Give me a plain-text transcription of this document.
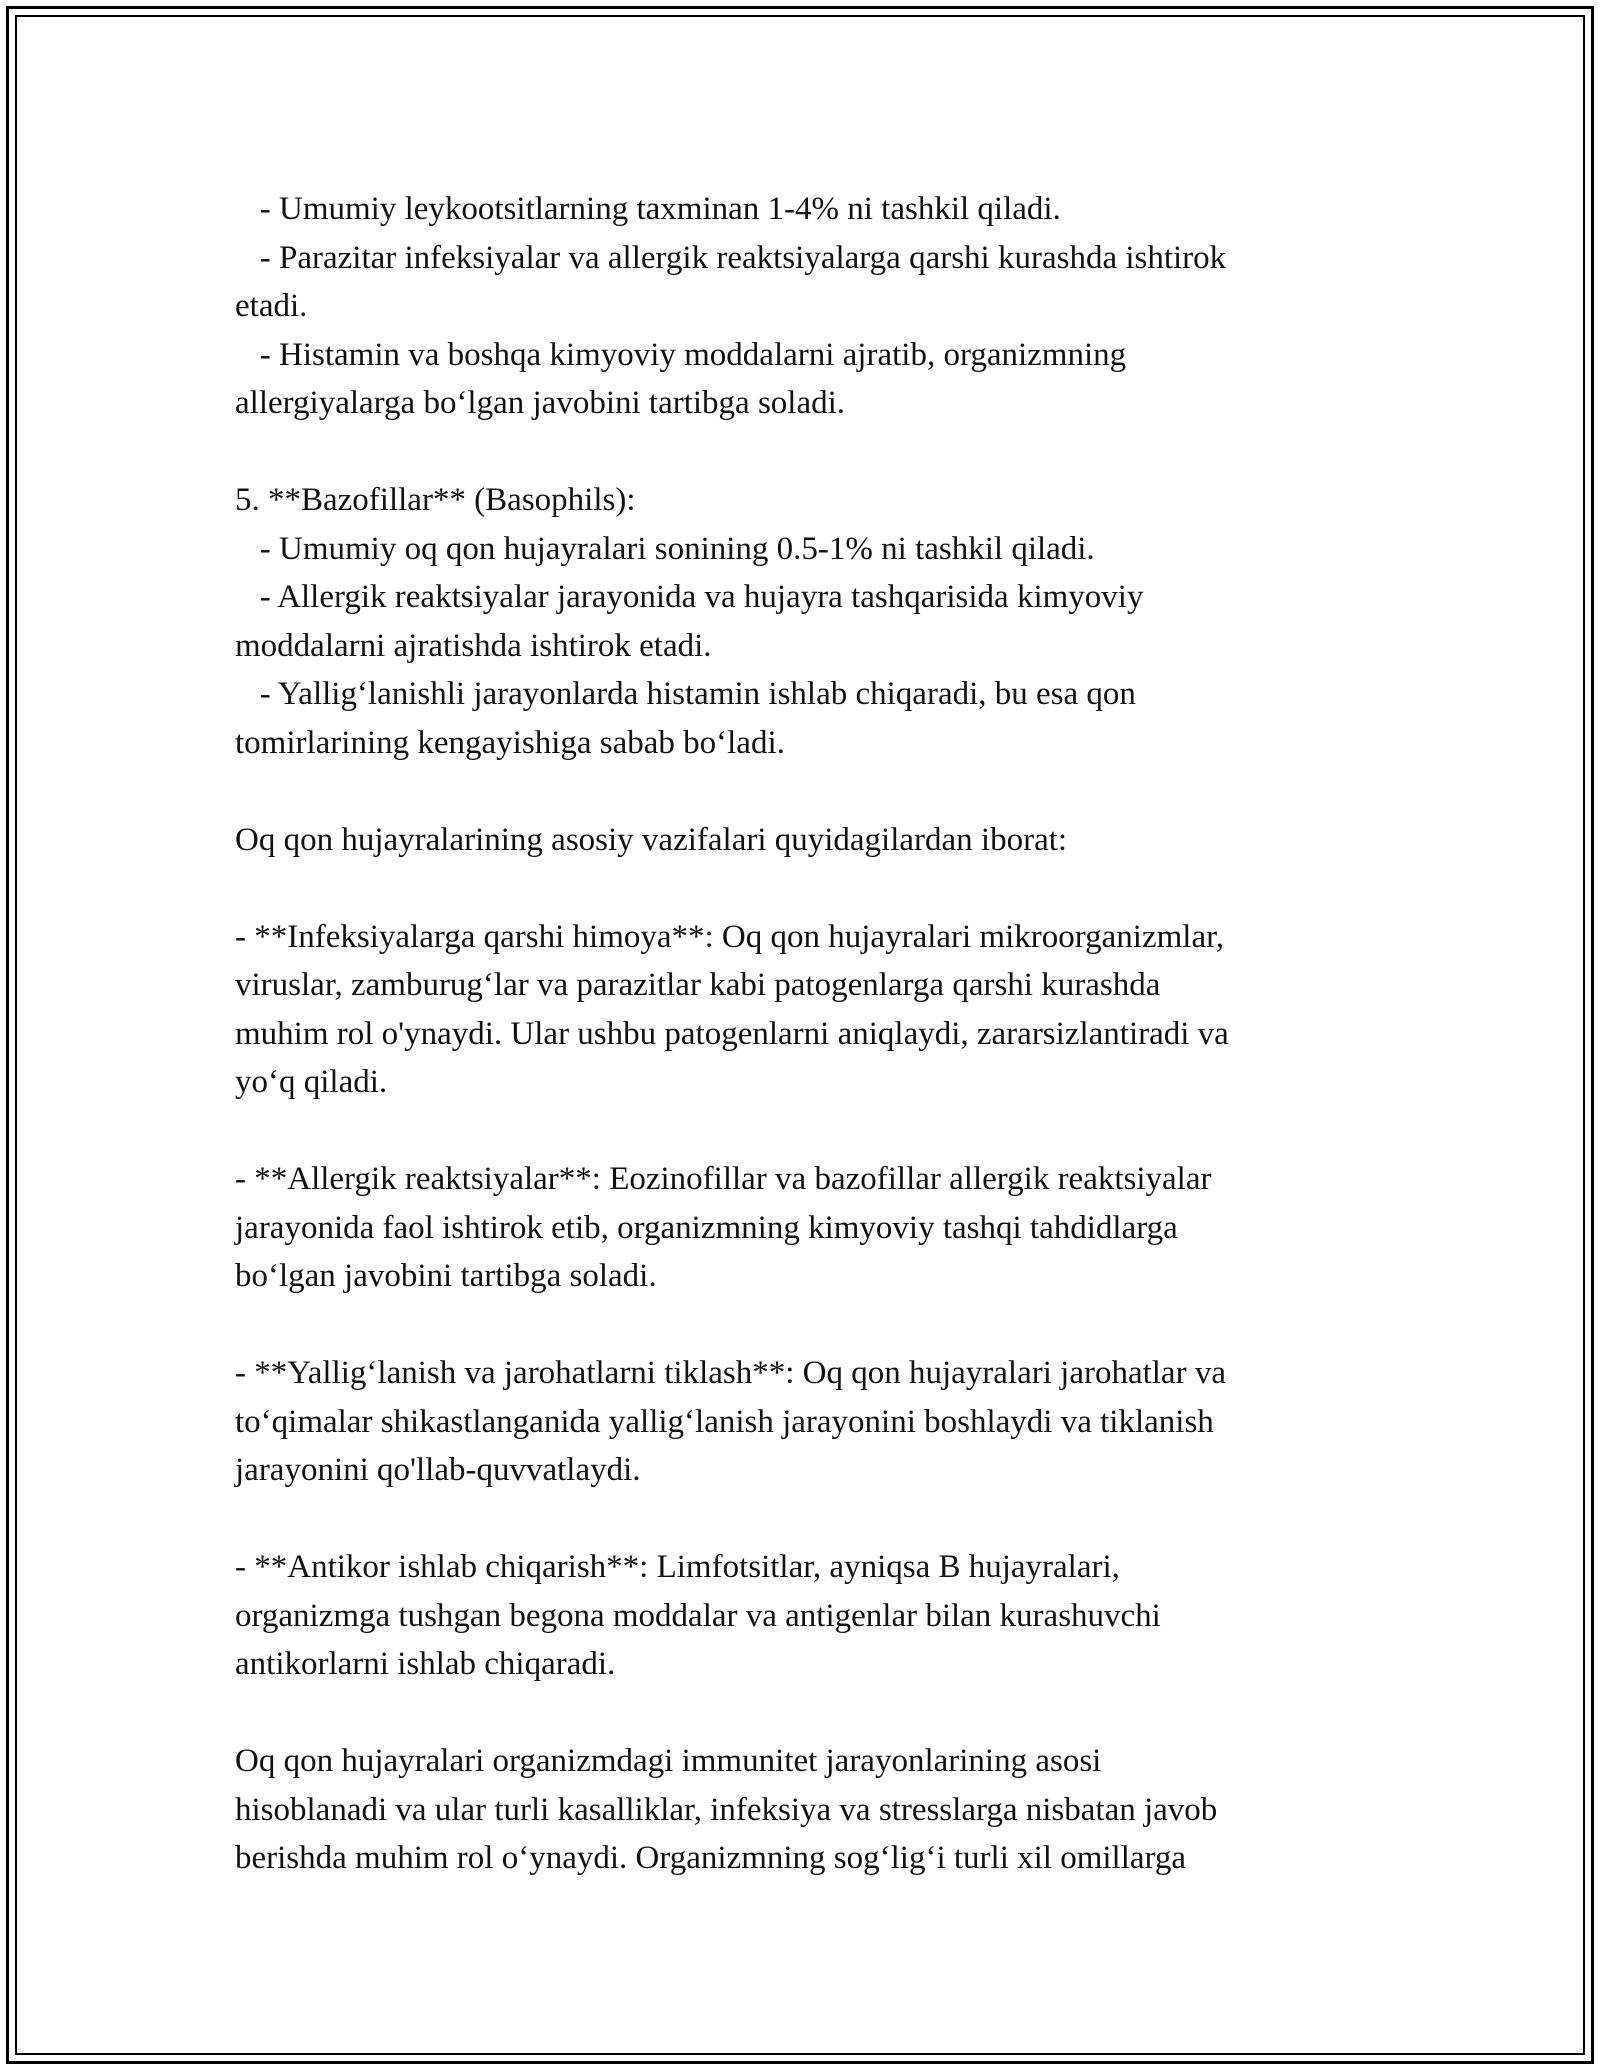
- Umumiy leykootsitlarning taxminan 1-4% ni tashkil qiladi.
- Parazitar infeksiyalar va allergik reaktsiyalarga qarshi kurashda ishtirok
etadi.
- Histamin va boshqa kimyoviy moddalarni ajratib, organizmning
allergiyalarga bo‘lgan javobini tartibga soladi.
5. **Bazofillar** (Basophils):
- Umumiy oq qon hujayralari sonining 0.5-1% ni tashkil qiladi.
- Allergik reaktsiyalar jarayonida va hujayra tashqarisida kimyoviy
moddalarni ajratishda ishtirok etadi.
- Yallig‘lanishli jarayonlarda histamin ishlab chiqaradi, bu esa qon
tomirlarining kengayishiga sabab bo‘ladi.
Oq qon hujayralarining asosiy vazifalari quyidagilardan iborat:
- **Infeksiyalarga qarshi himoya**: Oq qon hujayralari mikroorganizmlar,
viruslar, zamburug‘lar va parazitlar kabi patogenlarga qarshi kurashda
muhim rol o'ynaydi. Ular ushbu patogenlarni aniqlaydi, zararsizlantiradi va
yo‘q qiladi.
- **Allergik reaktsiyalar**: Eozinofillar va bazofillar allergik reaktsiyalar
jarayonida faol ishtirok etib, organizmning kimyoviy tashqi tahdidlarga
bo‘lgan javobini tartibga soladi.
- **Yallig‘lanish va jarohatlarni tiklash**: Oq qon hujayralari jarohatlar va
to‘qimalar shikastlanganida yallig‘lanish jarayonini boshlaydi va tiklanish
jarayonini qo'llab-quvvatlaydi.
- **Antikor ishlab chiqarish**: Limfotsitlar, ayniqsa B hujayralari,
organizmga tushgan begona moddalar va antigenlar bilan kurashuvchi
antikorlarni ishlab chiqaradi.
Oq qon hujayralari organizmdagi immunitet jarayonlarining asosi
hisoblanadi va ular turli kasalliklar, infeksiya va stresslarga nisbatan javob
berishda muhim rol o‘ynaydi. Organizmning sog‘lig‘i turli xil omillarga
